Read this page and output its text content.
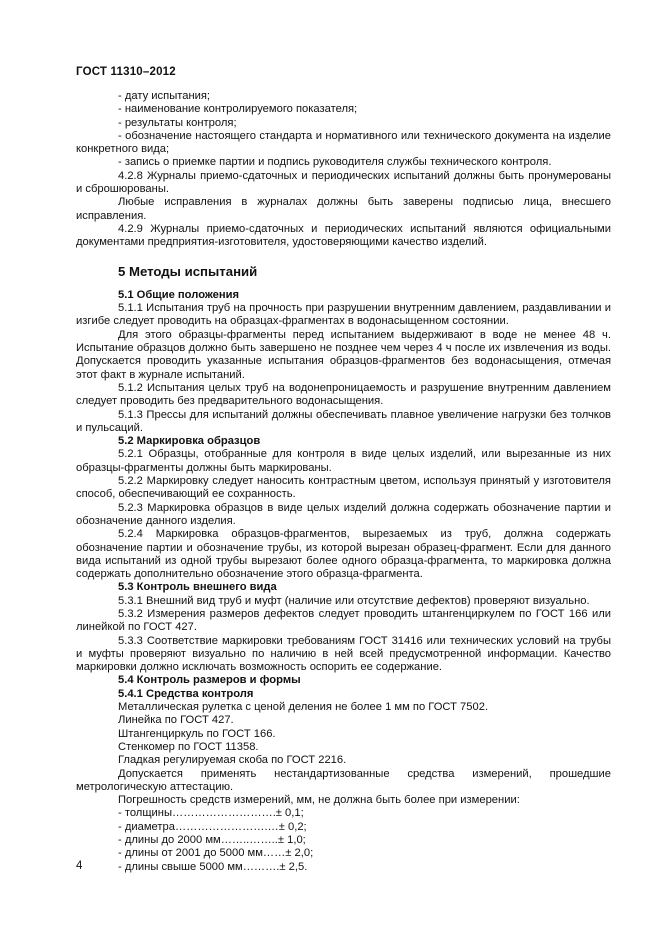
ГОСТ 11310–2012

- дату испытания;

- наименование контролируемого показателя;

- результаты контроля;

- обозначение настоящего стандарта и нормативного или технического документа на изделие конкретного вида;

- запись о приемке партии и подпись руководителя службы технического контроля.

4.2.8 Журналы приемо-сдаточных и периодических испытаний должны быть пронумерованы и сброшюрованы.

Любые исправления в журналах должны быть заверены подписью лица, внесшего исправления.

4.2.9 Журналы приемо-сдаточных и периодических испытаний являются официальными документами предприятия-изготовителя, удостоверяющими качество изделий.

5 Методы испытаний

5.1 Общие положения

5.1.1 Испытания труб на прочность при разрушении внутренним давлением, раздавливании и изгибе следует проводить на образцах-фрагментах в водонасыщенном состоянии.

Для этого образцы-фрагменты перед испытанием выдерживают в воде не менее 48 ч. Испытание образцов должно быть завершено не позднее чем через 4 ч после их извлечения из воды. Допускается проводить указанные испытания образцов-фрагментов без водонасыщения, отмечая этот факт в журнале испытаний.

5.1.2 Испытания целых труб на водонепроницаемость и разрушение внутренним давлением следует проводить без предварительного водонасыщения.

5.1.3 Прессы для испытаний должны обеспечивать плавное увеличение нагрузки без толчков и пульсаций.

5.2 Маркировка образцов

5.2.1 Образцы, отобранные для контроля в виде целых изделий, или вырезанные из них образцы-фрагменты должны быть маркированы.

5.2.2 Маркировку следует наносить контрастным цветом, используя принятый у изготовителя способ, обеспечивающий ее сохранность.

5.2.3 Маркировка образцов в виде целых изделий должна содержать обозначение партии и обозначение данного изделия.

5.2.4 Маркировка образцов-фрагментов, вырезаемых из труб, должна содержать обозначение партии и обозначение трубы, из которой вырезан образец-фрагмент. Если для данного вида испытаний из одной трубы вырезают более одного образца-фрагмента, то маркировка должна содержать дополнительно обозначение этого образца-фрагмента.

5.3 Контроль внешнего вида

5.3.1 Внешний вид труб и муфт (наличие или отсутствие дефектов) проверяют визуально.

5.3.2 Измерения размеров дефектов следует проводить штангенциркулем по ГОСТ 166 или линейкой по ГОСТ 427.

5.3.3 Соответствие маркировки требованиям ГОСТ 31416 или технических условий на трубы и муфты проверяют визуально по наличию в ней всей предусмотренной информации. Качество маркировки должно исключать возможность оспорить ее содержание.

5.4 Контроль размеров и формы

5.4.1 Средства контроля

Металлическая рулетка с ценой деления не более 1 мм по ГОСТ 7502.

Линейка по ГОСТ 427.

Штангенциркуль по ГОСТ 166.

Стенкомер по ГОСТ 11358.

Гладкая регулируемая скоба по ГОСТ 2216.

Допускается применять нестандартизованные средства измерений, прошедшие метрологическую аттестацию.

Погрешность средств измерений, мм, не должна быть более при измерении:

- толщины……………………….± 0,1;

- диаметра…………………….…± 0,2;

- длины до 2000 мм……..……..± 1,0;

- длины от 2001 до 5000 мм……± 2,0;

- длины свыше 5000 мм……….± 2,5.

4
